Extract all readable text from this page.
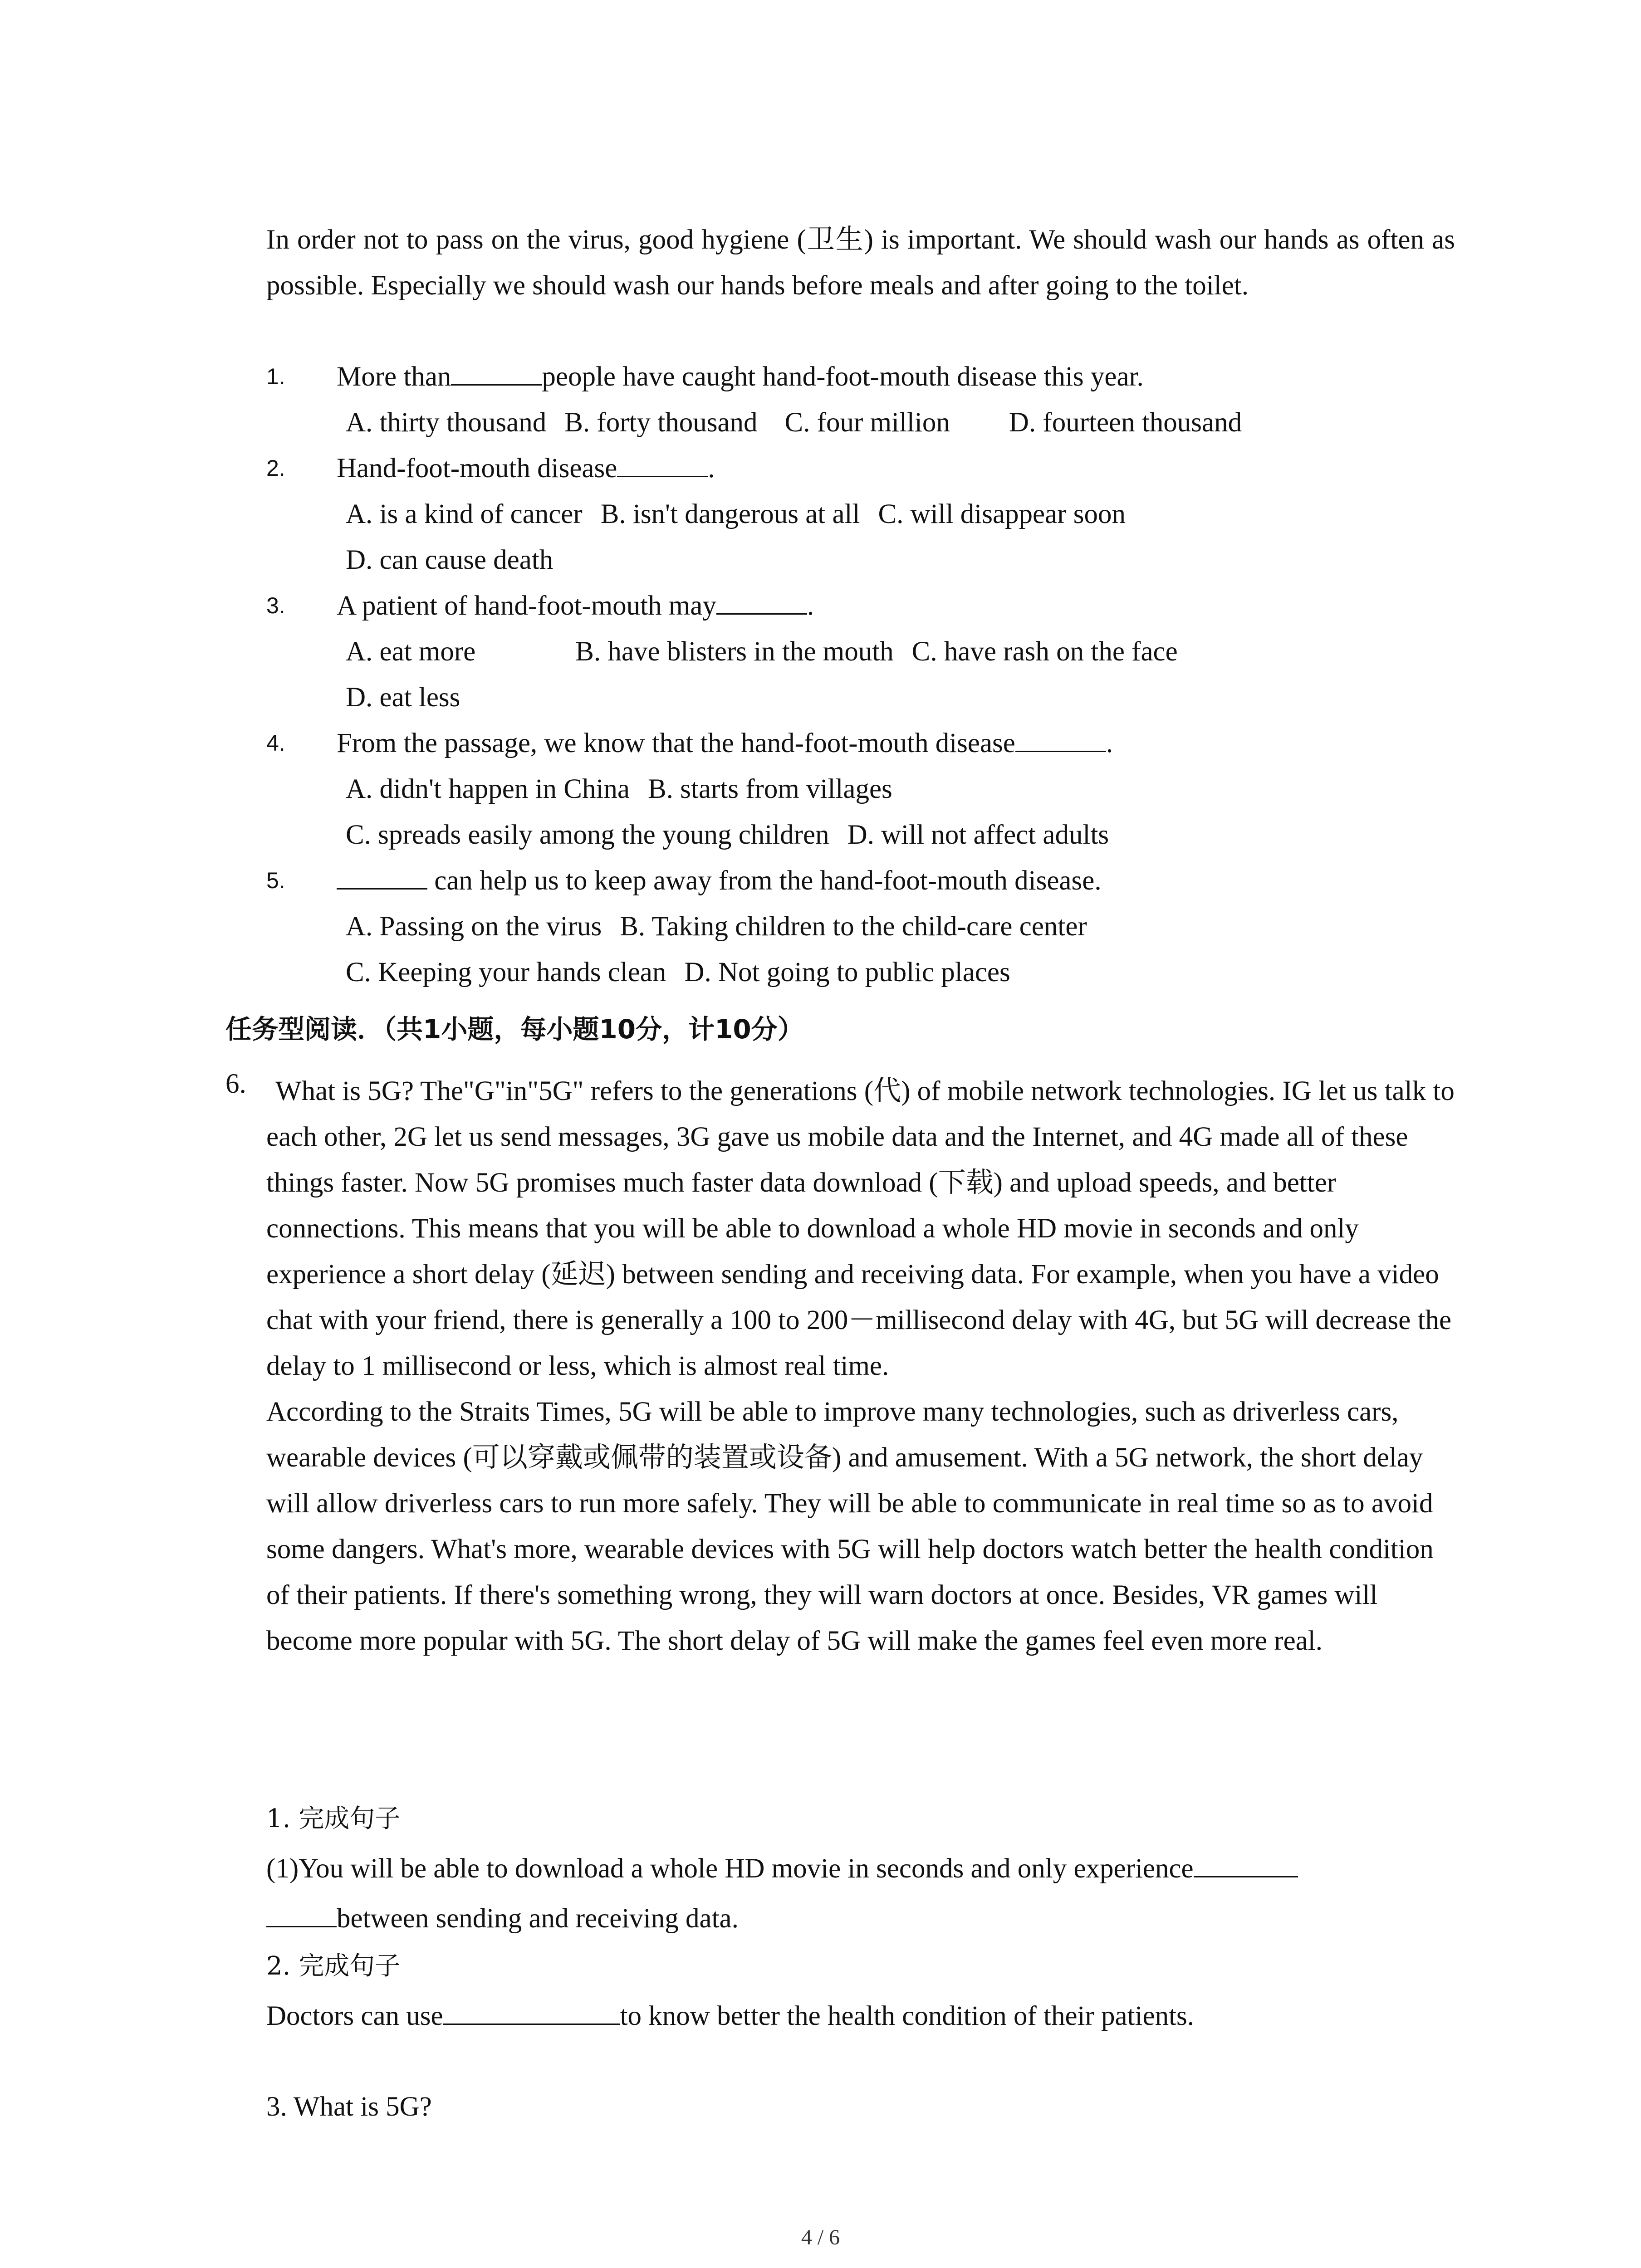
In order not to pass on the virus, good hygiene (卫生) is important. We should wash our hands as often as possible. Especially we should wash our hands before meals and after going to the toilet.
1. More than	people have caught hand-foot-mouth disease this year.
A. thirty thousand B. forty thousand C. four million D. fourteen thousand
2. Hand-foot-mouth disease	.
A. is a kind of cancer B. isn't dangerous at all C. will disappear soon
D. can cause death
3. A patient of hand-foot-mouth may	.
A. eat more	B. have blisters in the mouth C. have rash on the face
D. eat less
4. From the passage, we know that the hand-foot-mouth disease	.
A. didn't happen in China B. starts from villages
C. spreads easily among the young children D. will not affect adults
5.	can help us to keep away from the hand-foot-mouth disease.
A. Passing on the virus B. Taking children to the child-care center
C. Keeping your hands clean D. Not going to public places
任务型阅读．（共1小题，每小题10分，计10分）
6.	What is 5G? The"G"in"5G" refers to the generations (代) of mobile network technologies. IG let us talk to each other, 2G let us send messages, 3G gave us mobile data and the Internet, and 4G made all of these things faster. Now 5G promises much faster data download (下载) and upload speeds, and better connections. This means that you will be able to download a whole HD movie in seconds and only experience a short delay (延迟) between sending and receiving data. For example, when you have a video chat with your friend, there is generally a 100 to 200－millisecond delay with 4G, but 5G will decrease the delay to 1 millisecond or less, which is almost real time.

According to the Straits Times, 5G will be able to improve many technologies, such as driverless cars, wearable devices (可以穿戴或佩带的装置或设备) and amusement. With a 5G network, the short delay will allow driverless cars to run more safely. They will be able to communicate in real time so as to avoid some dangers. What's more, wearable devices with 5G will help doctors watch better the health condition of their patients. If there's something wrong, they will warn doctors at once. Besides, VR games will become more popular with 5G. The short delay of 5G will make the games feel even more real.

1. 完成句子
(1)You will be able to download a whole HD movie in seconds and only experience
between sending and receiving data.
2. 完成句子
Doctors can use	to know better the health condition of their patients.
3. What is 5G?
4 / 6
